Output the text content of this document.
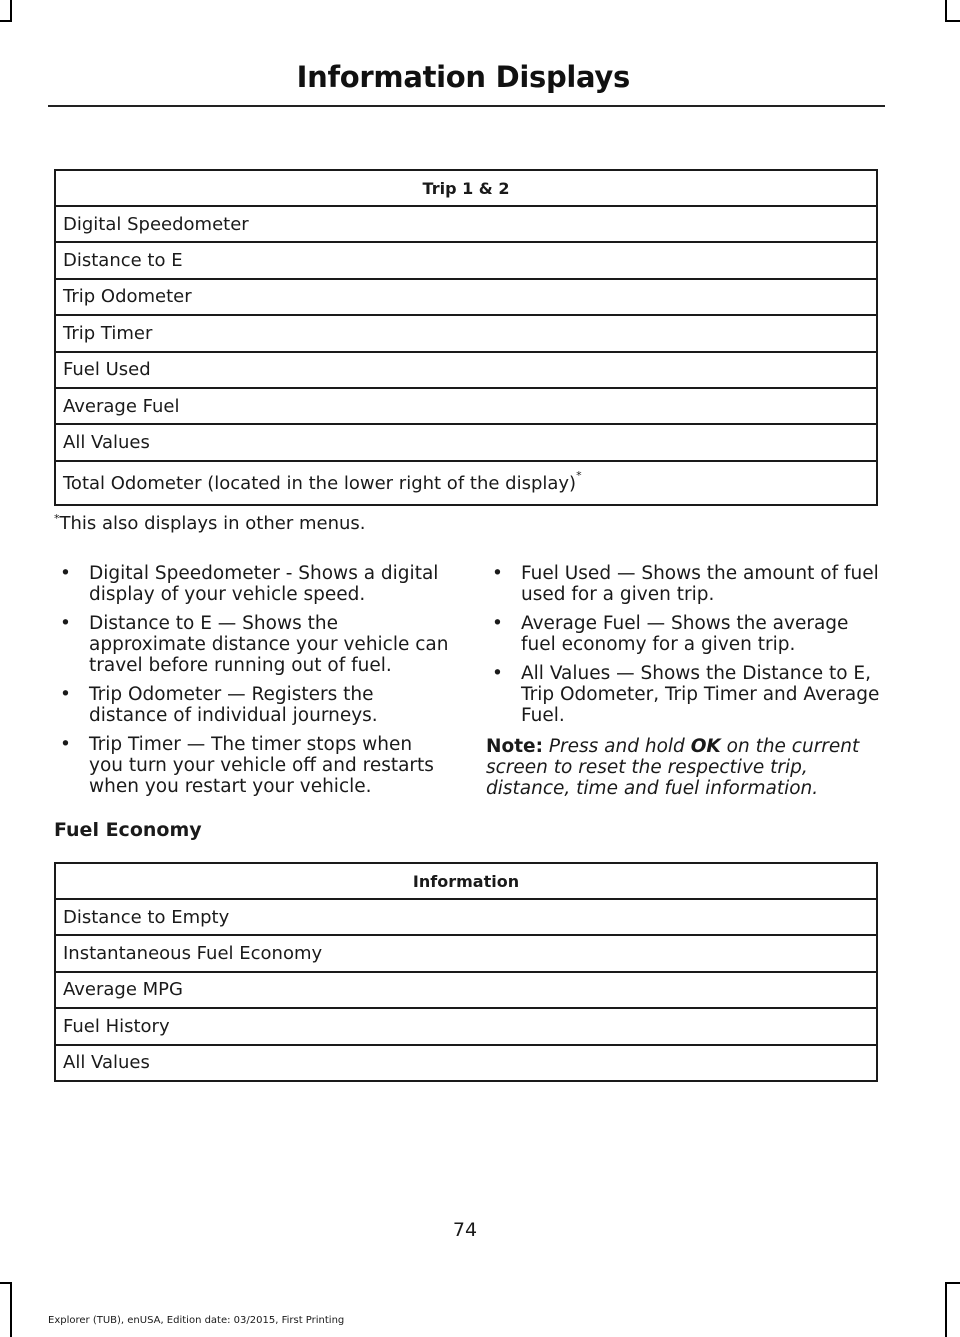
Information Displays
Trip 1 & 2
Digital Speedometer
Distance to E
Trip Odometer
Trip Timer
Fuel Used
Average Fuel
All Values
Total Odometer (located in the lower right of the display)*
*This also displays in other menus.
• Digital Speedometer - Shows a digital display of your vehicle speed.
• Distance to E — Shows the approximate distance your vehicle can travel before running out of fuel.
• Trip Odometer — Registers the distance of individual journeys.
• Trip Timer — The timer stops when you turn your vehicle off and restarts when you restart your vehicle.
• Fuel Used — Shows the amount of fuel used for a given trip.
• Average Fuel — Shows the average fuel economy for a given trip.
• All Values — Shows the Distance to E, Trip Odometer, Trip Timer and Average Fuel.

Note: Press and hold OK on the current screen to reset the respective trip, distance, time and fuel information.

Fuel Economy
Information
Distance to Empty
Instantaneous Fuel Economy
Average MPG
Fuel History
All Values
74
Explorer (TUB), enUSA, Edition date: 03/2015, First Printing
